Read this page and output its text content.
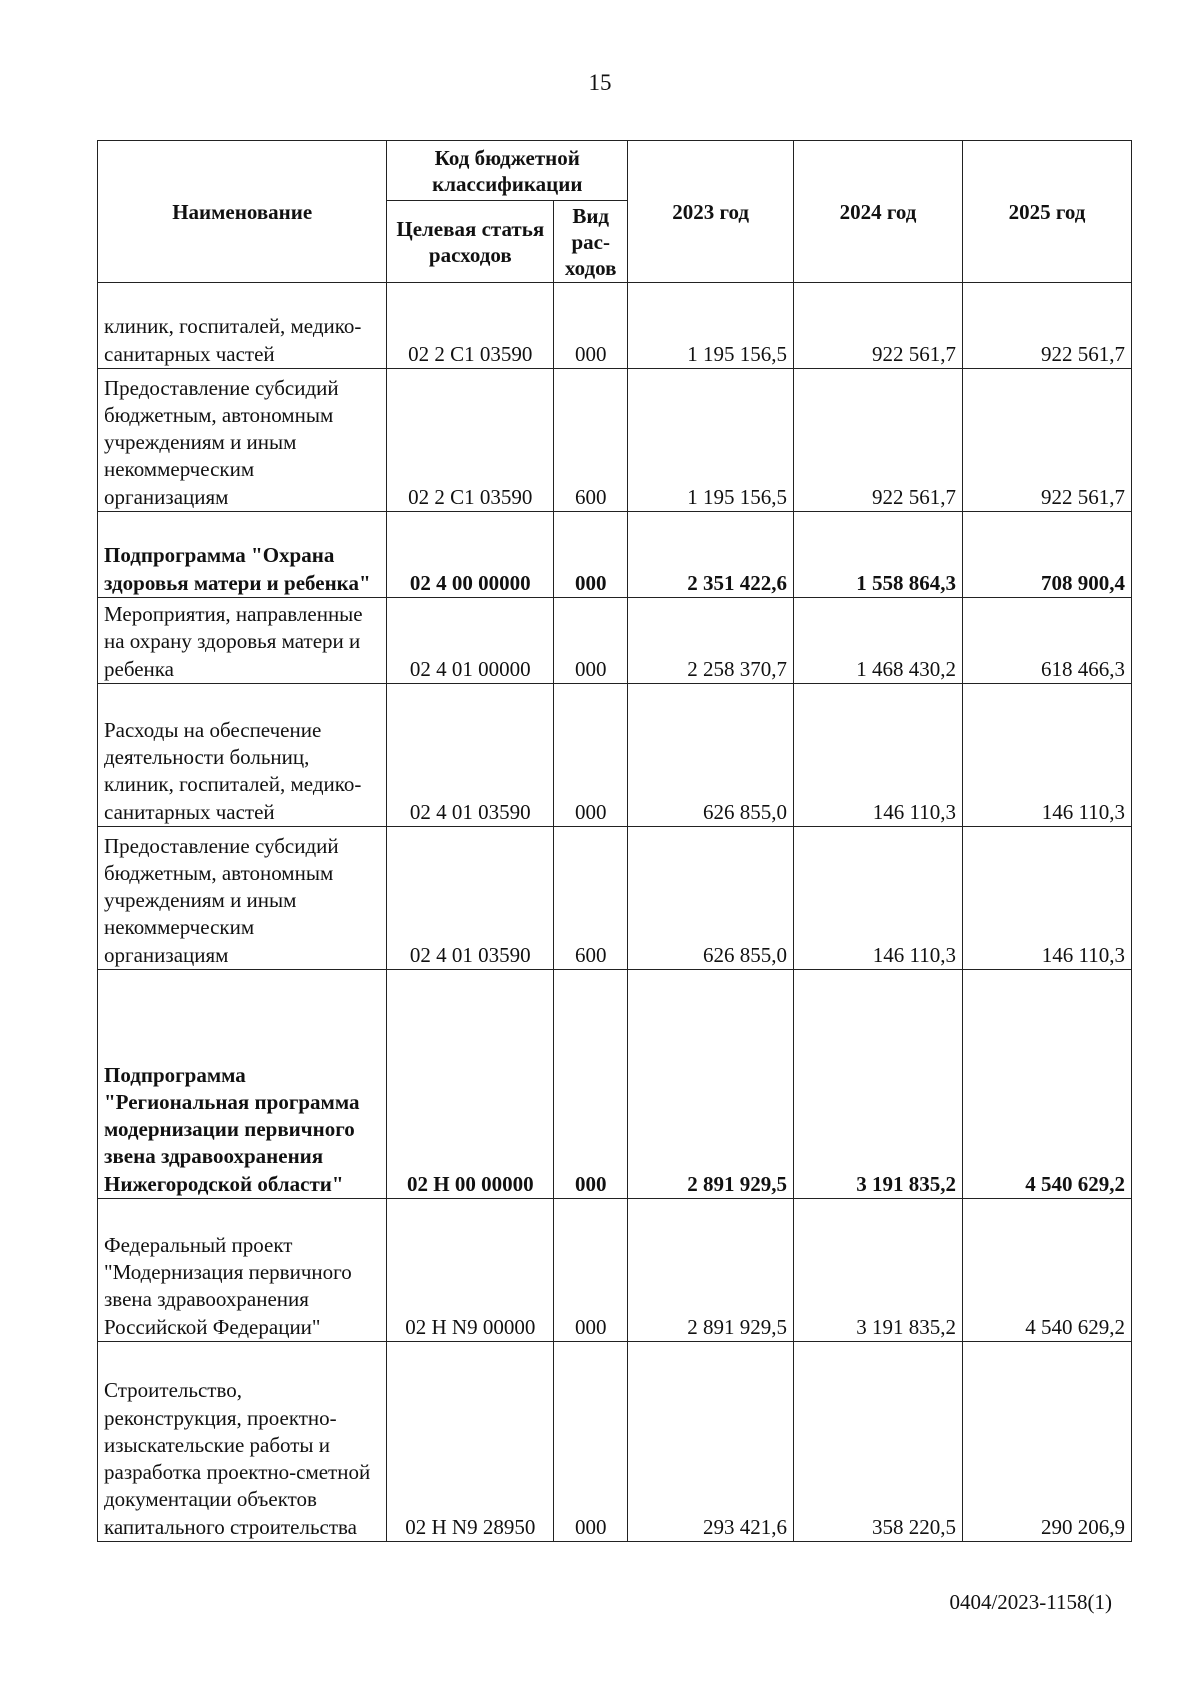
15
Наименование	Код бюджетной классификации		2023 год	2024 год	2025 год
	Целевая статья расходов	Вид рас-ходов			
клиник, госпиталей, медико-санитарных частей	02 2 С1 03590	000	1 195 156,5	922 561,7	922 561,7
Предоставление субсидий бюджетным, автономным учреждениям и иным некоммерческим организациям	02 2 С1 03590	600	1 195 156,5	922 561,7	922 561,7
Подпрограмма "Охрана здоровья матери и ребенка"	02 4 00 00000	000	2 351 422,6	1 558 864,3	708 900,4
Мероприятия, направленные на охрану здоровья матери и ребенка	02 4 01 00000	000	2 258 370,7	1 468 430,2	618 466,3
Расходы на обеспечение деятельности больниц, клиник, госпиталей, медико-санитарных частей	02 4 01 03590	000	626 855,0	146 110,3	146 110,3
Предоставление субсидий бюджетным, автономным учреждениям и иным некоммерческим организациям	02 4 01 03590	600	626 855,0	146 110,3	146 110,3
Подпрограмма "Региональная программа модернизации первичного звена здравоохранения Нижегородской области"	02 Н 00 00000	000	2 891 929,5	3 191 835,2	4 540 629,2
Федеральный проект "Модернизация первичного звена здравоохранения Российской Федерации"	02 Н N9 00000	000	2 891 929,5	3 191 835,2	4 540 629,2
Строительство, реконструкция, проектно-изыскательские работы и разработка проектно-сметной документации объектов капитального строительства	02 Н N9 28950	000	293 421,6	358 220,5	290 206,9
0404/2023-1158(1)
